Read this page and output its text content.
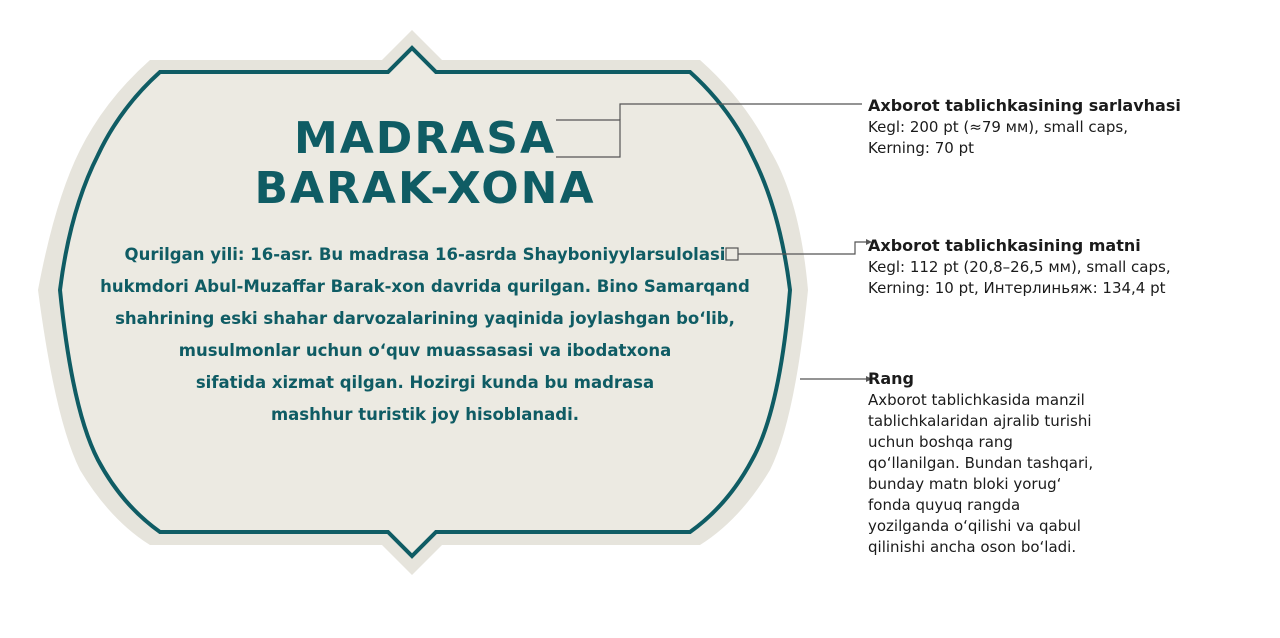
MADRASA

BARAK-XONA

Qurilgan yili: 16-asr. Bu madrasa 16-asrda Shayboniyylarsulolasi

hukmdori Abul-Muzaffar Barak-xon davrida qurilgan. Bino Samarqand

shahrining eski shahar darvozalarining yaqinida joylashgan bo‘lib,

musulmonlar uchun o‘quv muassasasi va ibodatxona

sifatida xizmat qilgan. Hozirgi kunda bu madrasa

mashhur turistik joy hisoblanadi.

Axborot tablichkasining sarlavhasi

Kegl: 200 pt (≈79 мм), small caps,

Kerning: 70 pt

Axborot tablichkasining matni

Kegl: 112 pt (20,8–26,5 мм), small caps,

Kerning: 10 pt, Интерлиньяж: 134,4 pt

Rang

Axborot tablichkasida manzil

tablichkalaridan ajralib turishi

uchun boshqa rang

qo‘llanilgan. Bundan tashqari,

bunday matn bloki yorug‘

fonda quyuq rangda

yozilganda o‘qilishi va qabul

qilinishi ancha oson bo‘ladi.
